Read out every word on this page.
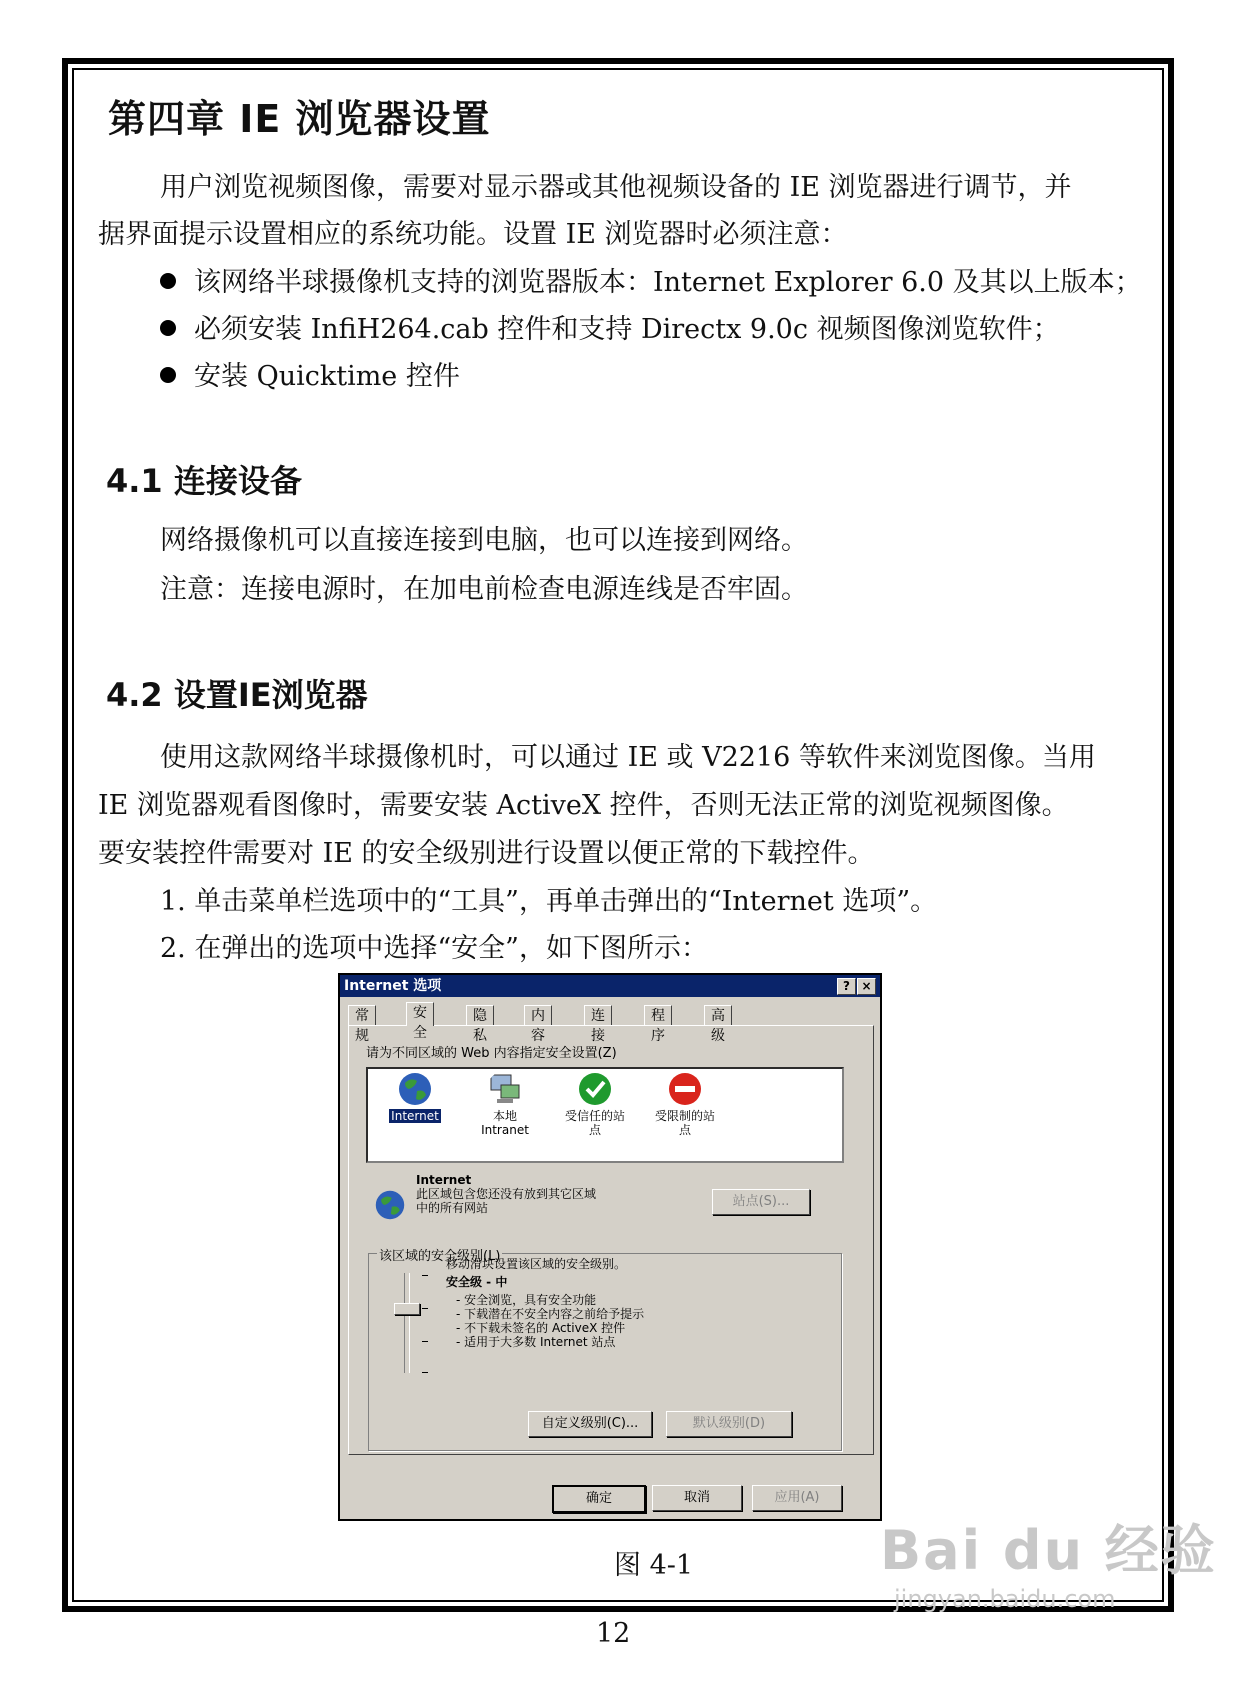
第四章 IE 浏览器设置
用户浏览视频图像，需要对显示器或其他视频设备的 IE 浏览器进行调节，并
据界面提示设置相应的系统功能。设置 IE 浏览器时必须注意：
该网络半球摄像机支持的浏览器版本：Internet Explorer 6.0 及其以上版本；
必须安装 InfiH264.cab 控件和支持 Directx 9.0c 视频图像浏览软件；
安装 Quicktime 控件
4.1 连接设备
网络摄像机可以直接连接到电脑，也可以连接到网络。
注意：连接电源时，在加电前检查电源连线是否牢固。
4.2 设置IE浏览器
使用这款网络半球摄像机时，可以通过 IE 或 V2216 等软件来浏览图像。当用
IE 浏览器观看图像时，需要安装 ActiveX 控件，否则无法正常的浏览视频图像。
要安装控件需要对 IE 的安全级别进行设置以便正常的下载控件。
1. 单击菜单栏选项中的“工具”，再单击弹出的“Internet 选项”。
2. 在弹出的选项中选择“安全”，如下图所示：
Internet 选项	? ×
常规
安全
隐私
内容
连接
程序
高级
请为不同区域的 Web 内容指定安全设置(Z)
Internet	本地
Intranet
受信任的站
点
受限制的站
点
Internet
此区域包含您还没有放到其它区域
中的所有网站	站点(S)...
该区域的安全级别(L)
移动滑块设置该区域的安全级别。
安全级 - 中
- 安全浏览，具有安全功能
- 下载潜在不安全内容之前给予提示
- 不下载未签名的 ActiveX 控件
- 适用于大多数 Internet 站点
自定义级别(C)...	默认级别(D)
确定	取消	应用(A)
图 4-1
12
Bai du 经验
jingyan.baidu.com
